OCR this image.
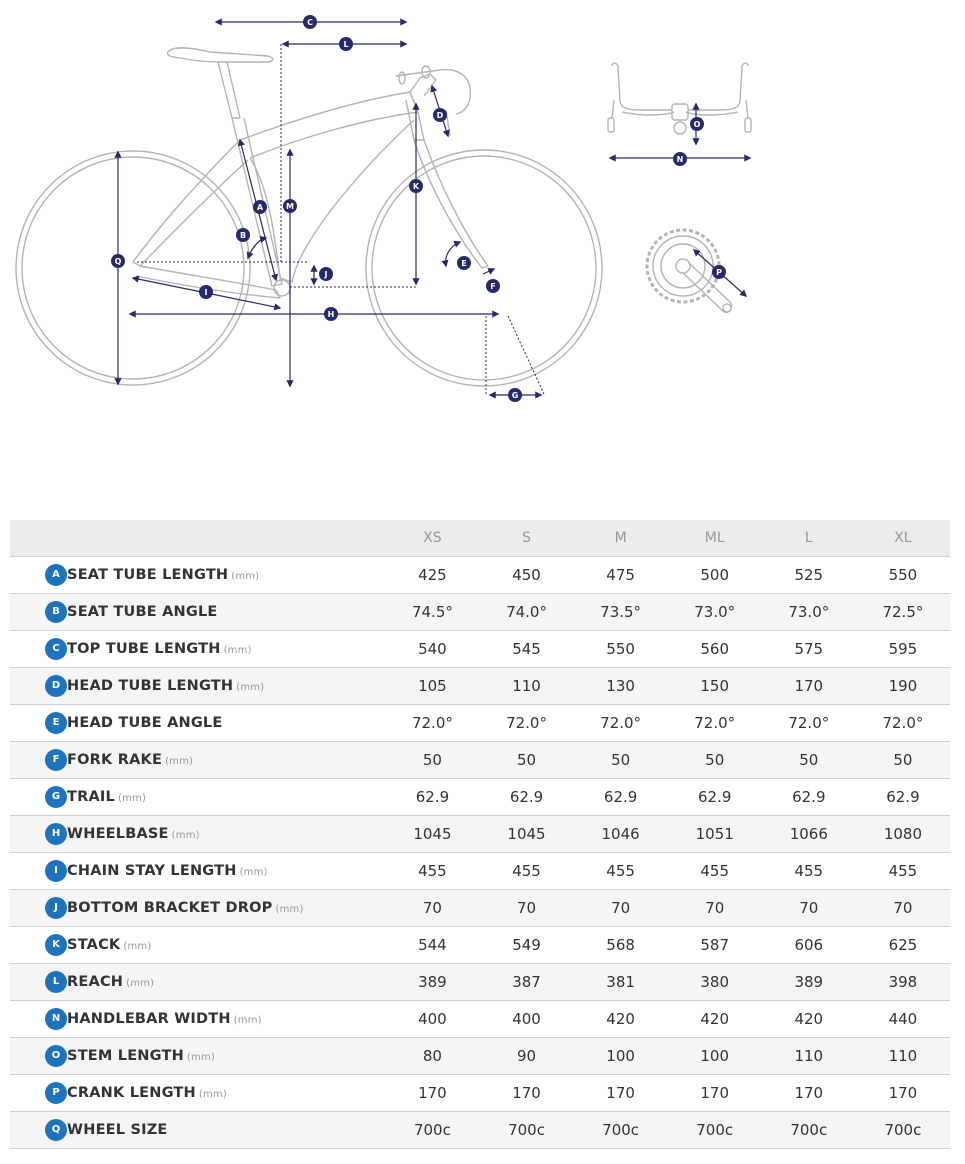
A
B
C
D
E
F
G
H
I
J
K
L
M
N
O
P
Q
		XS	S	M	ML	L	XL
A	SEAT TUBE LENGTH (mm)	425	450	475	500	525	550
B	SEAT TUBE ANGLE	74.5°	74.0°	73.5°	73.0°	73.0°	72.5°
C	TOP TUBE LENGTH (mm)	540	545	550	560	575	595
D	HEAD TUBE LENGTH (mm)	105	110	130	150	170	190
E	HEAD TUBE ANGLE	72.0°	72.0°	72.0°	72.0°	72.0°	72.0°
F	FORK RAKE (mm)	50	50	50	50	50	50
G	TRAIL (mm)	62.9	62.9	62.9	62.9	62.9	62.9
H	WHEELBASE (mm)	1045	1045	1046	1051	1066	1080
I	CHAIN STAY LENGTH (mm)	455	455	455	455	455	455
J	BOTTOM BRACKET DROP (mm)	70	70	70	70	70	70
K	STACK (mm)	544	549	568	587	606	625
L	REACH (mm)	389	387	381	380	389	398
N	HANDLEBAR WIDTH (mm)	400	400	420	420	420	440
O	STEM LENGTH (mm)	80	90	100	100	110	110
P	CRANK LENGTH (mm)	170	170	170	170	170	170
Q	WHEEL SIZE	700c	700c	700c	700c	700c	700c
